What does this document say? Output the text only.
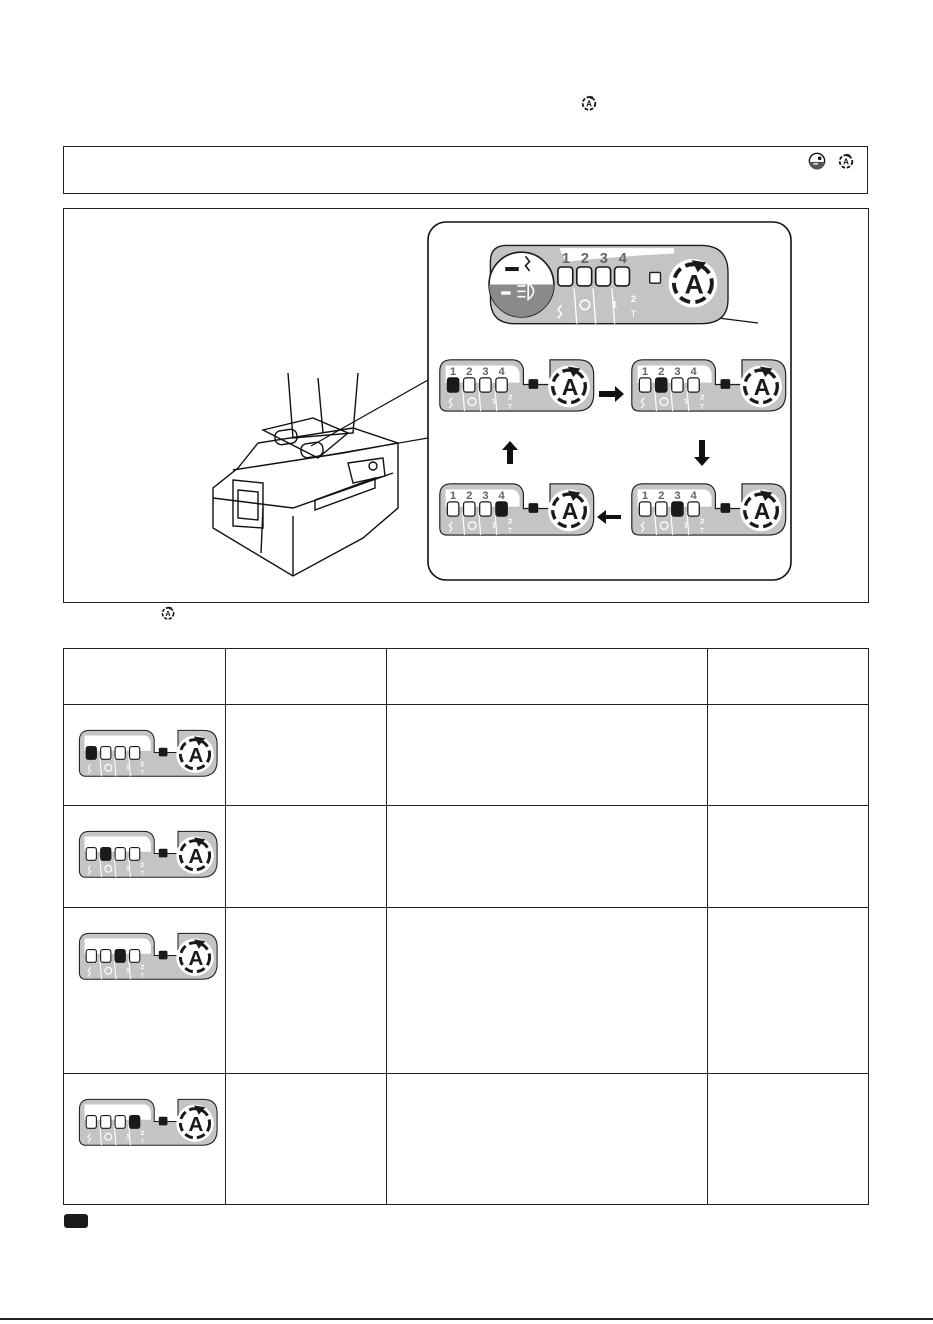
A
A
1 2 3 4
1 2
T
A
1 2 3 4
1 2
T
A
1 2 3 4
1 2
T
A
1 2 3 4
1 2
T
A
1 2 3 4
1 2
T
A
A

1 2
T
A			

1 2
T
A			

1 2
T
A			

1 2
T
A			
